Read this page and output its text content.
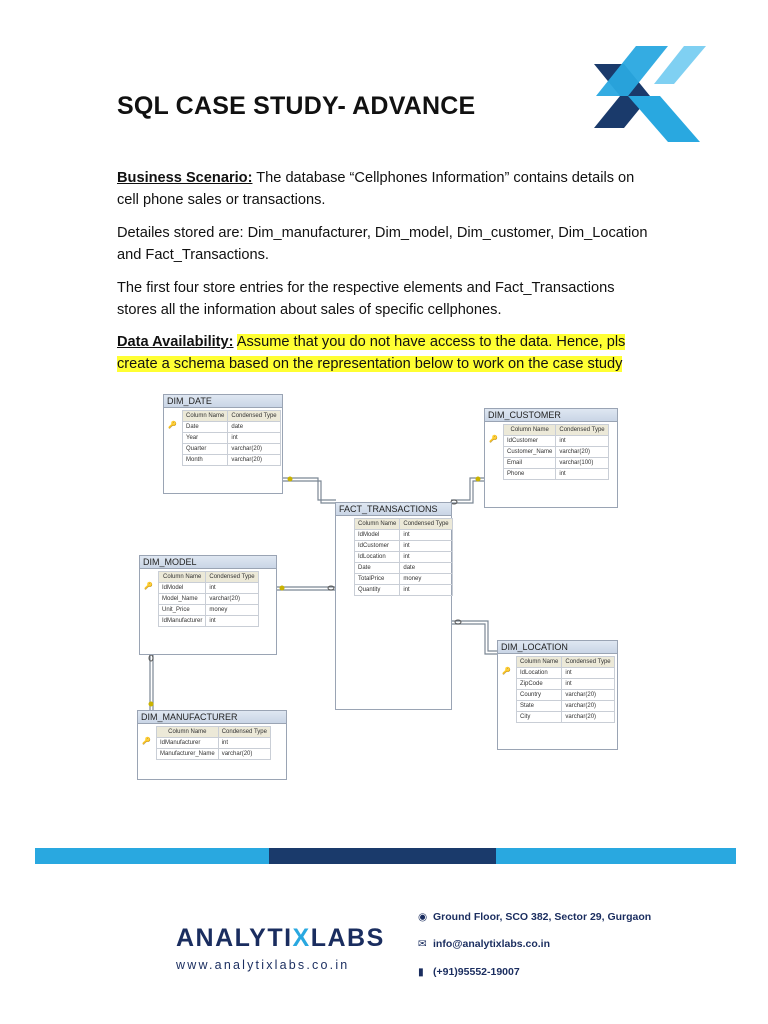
SQL CASE STUDY- ADVANCE
Business Scenario: The database “Cellphones Information” contains details on cell phone sales or transactions.
Detailes stored are: Dim_manufacturer, Dim_model, Dim_customer, Dim_Location and Fact_Transactions.
The first four store entries for the respective elements and Fact_Transactions stores all the information about sales of specific cellphones.
Data Availability: Assume that you do not have access to the data. Hence, pls create a schema based on the representation below to work on the case study
DIM_DATE
🔑
Column Name	Condensed Type
Date	date
Year	int
Quarter	varchar(20)
Month	varchar(20)
DIM_CUSTOMER
🔑
Column Name	Condensed Type
IdCustomer	int
Customer_Name	varchar(20)
Email	varchar(100)
Phone	int
FACT_TRANSACTIONS
Column Name	Condensed Type
IdModel	int
IdCustomer	int
IdLocation	int
Date	date
TotalPrice	money
Quantity	int
DIM_MODEL
🔑
Column Name	Condensed Type
IdModel	int
Model_Name	varchar(20)
Unit_Price	money
IdManufacturer	int
DIM_LOCATION
🔑
Column Name	Condensed Type
IdLocation	int
ZipCode	int
Country	varchar(20)
State	varchar(20)
City	varchar(20)
DIM_MANUFACTURER
🔑
Column Name	Condensed Type
IdManufacturer	int
Manufacturer_Name	varchar(20)
ANALYTIXLABS
www.analytixlabs.co.in
◉ Ground Floor, SCO 382, Sector 29, Gurgaon
✉ info@analytixlabs.co.in
▮ (+91)95552-19007
